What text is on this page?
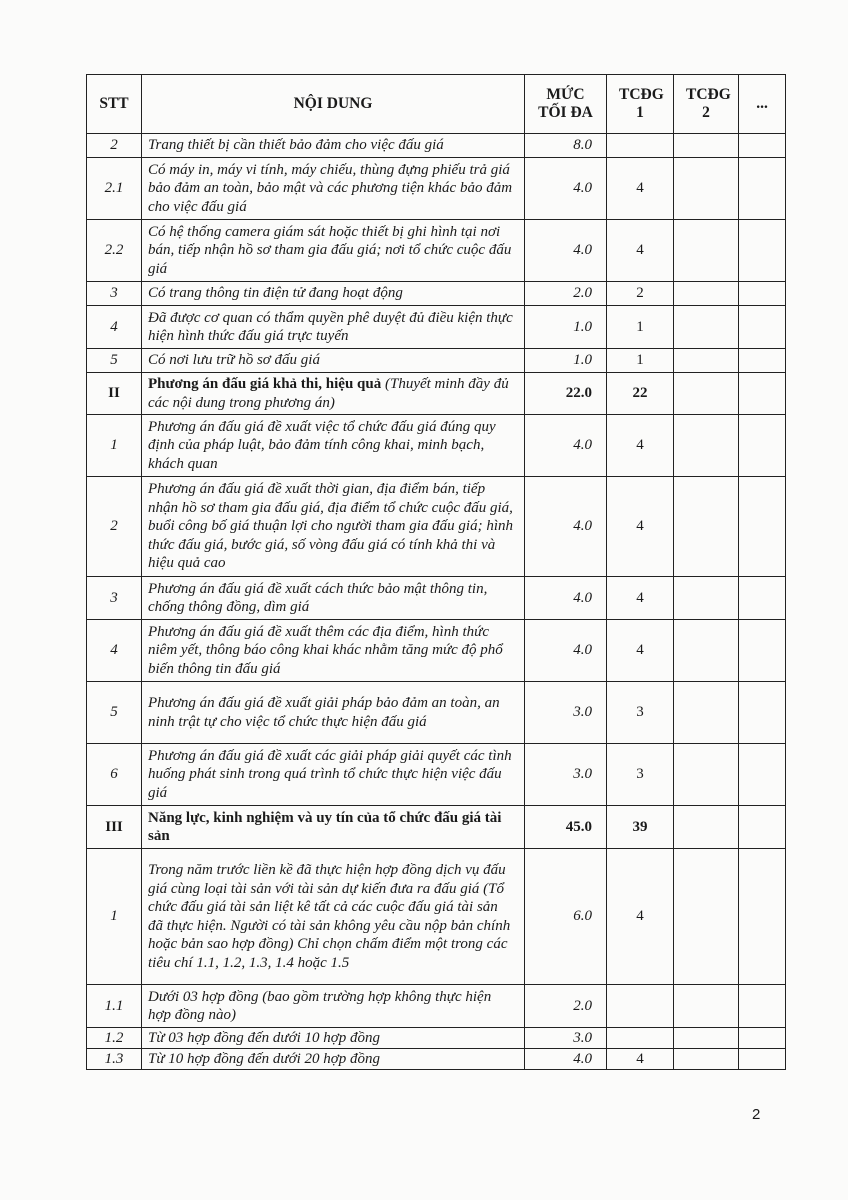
STT	NỘI DUNG	MỨC TỐI ĐA	TCĐG 1	TCĐG 2	...
2	Trang thiết bị cần thiết bảo đảm cho việc đấu giá	8.0			
2.1	Có máy in, máy vi tính, máy chiếu, thùng đựng phiếu trả giá bảo đảm an toàn, bảo mật và các phương tiện khác bảo đảm cho việc đấu giá	4.0	4		
2.2	Có hệ thống camera giám sát hoặc thiết bị ghi hình tại nơi bán, tiếp nhận hồ sơ tham gia đấu giá; nơi tổ chức cuộc đấu giá	4.0	4		
3	Có trang thông tin điện tử đang hoạt động	2.0	2		
4	Đã được cơ quan có thẩm quyền phê duyệt đủ điều kiện thực hiện hình thức đấu giá trực tuyến	1.0	1		
5	Có nơi lưu trữ hồ sơ đấu giá	1.0	1		
II	Phương án đấu giá khả thi, hiệu quả (Thuyết minh đầy đủ các nội dung trong phương án)	22.0	22		
1	Phương án đấu giá đề xuất việc tổ chức đấu giá đúng quy định của pháp luật, bảo đảm tính công khai, minh bạch, khách quan	4.0	4		
2	Phương án đấu giá đề xuất thời gian, địa điểm bán, tiếp nhận hồ sơ tham gia đấu giá, địa điểm tổ chức cuộc đấu giá, buổi công bố giá thuận lợi cho người tham gia đấu giá; hình thức đấu giá, bước giá, số vòng đấu giá có tính khả thi và hiệu quả cao	4.0	4		
3	Phương án đấu giá đề xuất cách thức bảo mật thông tin, chống thông đồng, dìm giá	4.0	4		
4	Phương án đấu giá đề xuất thêm các địa điểm, hình thức niêm yết, thông báo công khai khác nhằm tăng mức độ phổ biến thông tin đấu giá	4.0	4		
5	Phương án đấu giá đề xuất giải pháp bảo đảm an toàn, an ninh trật tự cho việc tổ chức thực hiện đấu giá	3.0	3		
6	Phương án đấu giá đề xuất các giải pháp giải quyết các tình huống phát sinh trong quá trình tổ chức thực hiện việc đấu giá	3.0	3		
III	Năng lực, kinh nghiệm và uy tín của tổ chức đấu giá tài sản	45.0	39		
1	Trong năm trước liền kề đã thực hiện hợp đồng dịch vụ đấu giá cùng loại tài sản với tài sản dự kiến đưa ra đấu giá (Tổ chức đấu giá tài sản liệt kê tất cả các cuộc đấu giá tài sản đã thực hiện. Người có tài sản không yêu cầu nộp bản chính hoặc bản sao hợp đồng) Chỉ chọn chấm điểm một trong các tiêu chí 1.1, 1.2, 1.3, 1.4 hoặc 1.5	6.0	4		
1.1	Dưới 03 hợp đồng (bao gồm trường hợp không thực hiện hợp đồng nào)	2.0			
1.2	Từ 03 hợp đồng đến dưới 10 hợp đồng	3.0			
1.3	Từ 10 hợp đồng đến dưới 20 hợp đồng	4.0	4		
2
